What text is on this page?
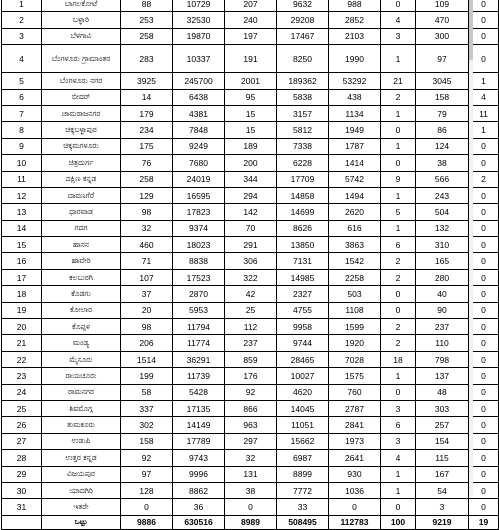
1	ಬಾಗಲಕೋಟೆ	88	10729	207	9632	988	0	109	0
2	ಬಳ್ಳಾರಿ	253	32530	240	29208	2852	4	470	0
3	ಬೆಳಗಾವಿ	258	19870	197	17467	2103	3	300	0
4	ಬೆಂಗಳೂರು ಗ್ರಾಮಾಂತರ	283	10337	191	8250	1990	1	97	0
5	ಬೆಂಗಳೂರು ನಗರ	3925	245700	2001	189362	53292	21	3045	1
6	ಬೀದರ್	14	6438	95	5838	438	2	158	4
7	ಚಾಮರಾಜನಗರ	179	4381	15	3157	1134	1	79	11
8	ಚಿಕ್ಕಬಳ್ಳಾಪುರ	234	7848	15	5812	1949	0	86	1
9	ಚಿಕ್ಕಮಗಳೂರು	175	9249	189	7338	1787	1	124	0
10	ಚಿತ್ರದುರ್ಗ	76	7680	200	6228	1414	0	38	0
11	ದಕ್ಷಿಣ ಕನ್ನಡ	258	24019	344	17709	5742	9	566	2
12	ದಾವಣಗೆರೆ	129	16595	294	14858	1494	1	243	0
13	ಧಾರವಾಡ	98	17823	142	14699	2620	5	504	0
14	ಗದಗ	32	9374	70	8626	616	1	132	0
15	ಹಾಸನ	460	18023	291	13850	3863	6	310	0
16	ಹಾವೇರಿ	71	8838	306	7131	1542	2	165	0
17	ಕಲಬುರಗಿ	107	17523	322	14985	2258	2	280	0
18	ಕೊಡಗು	37	2870	42	2327	503	0	40	0
19	ಕೋಲಾರ	20	5953	25	4755	1108	0	90	0
20	ಕೊಪ್ಪಳ	98	11794	112	9958	1599	2	237	0
21	ಮಂಡ್ಯ	206	11774	237	9744	1920	2	110	0
22	ಮೈಸೂರು	1514	36291	859	28465	7028	18	798	0
23	ರಾಯಚೂರು	199	11739	176	10027	1575	1	137	0
24	ರಾಮನಗರ	58	5428	92	4620	760	0	48	0
25	ಶಿವಮೊಗ್ಗ	337	17135	866	14045	2787	3	303	0
26	ತುಮಕೂರು	302	14149	963	11051	2841	6	257	0
27	ಉಡುಪಿ	158	17789	297	15662	1973	3	154	0
28	ಉತ್ತರ ಕನ್ನಡ	92	9743	32	6987	2641	4	115	0
29	ವಿಜಯಪುರ	97	9996	131	8899	930	1	167	0
30	ಯಾದಗಿರಿ	128	8862	38	7772	1036	1	54	0
31	ಇತರೇ	0	36	0	33	0	0	3	0
	ಒಟ್ಟು	9886	630516	8989	508495	112783	100	9219	19
